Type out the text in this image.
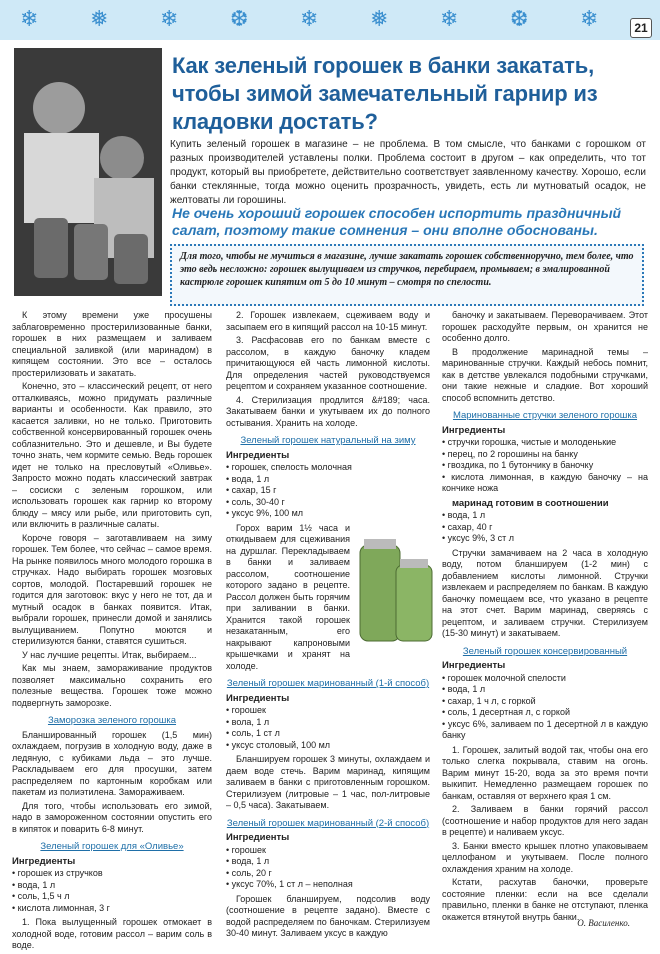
❄ ❅ ❄ ❆ ❄ ❅ ❄ ❆ ❄	21
Как зеленый горошек в банки закатать, чтобы зимой замечательный гарнир из кладовки достать?
Купить зеленый горошек в магазине – не проблема. В том смысле, что банками с горошком от разных производителей уставлены полки. Проблема состоит в другом – как определить, что тот продукт, который вы приобретете, действительно соответствует заявленному качеству. Хорошо, если банки стеклянные, тогда можно оценить прозрачность, увидеть, есть ли мутноватый осадок, не желтоваты ли горошины.
Не очень хороший горошек способен испортить праздничный салат, поэтому такие сомнения – они вполне обоснованы.
Для того, чтобы не мучиться в магазине, лучше закатать горошек собственноручно, тем более, что это ведь несложно: горошек вылущиваем из стручков, перебираем, промываем; в эмалированной кастрюле горошек кипятим от 5 до 10 минут – смотря по спелости.

К этому времени уже просушены заблаговременно простерилизованные банки, горошек в них размещаем и заливаем специальной заливкой (или маринадом) в кипящем состоянии. Это все – осталось простерилизовать и закатать.

Конечно, это – классический рецепт, от него отталкиваясь, можно придумать различные варианты и особенности. Как правило, это касается заливки, но не только. Приготовить собственной консервированный горошек очень соблазнительно. Это и дешевле, и Вы будете точно знать, чем кормите семью. Ведь горошек идет не только на пресловутый «Оливье». Запросто можно подать классический завтрак – сосиски с зеленым горошком, или использовать горошек как гарнир ко второму блюду – мясу или рыбе, или приготовить суп, или включить в различные салаты.

Короче говоря – заготавливаем на зиму горошек. Тем более, что сейчас – самое время. На рынке появилось много молодого горошка в стручках. Надо выбирать горошек мозговых сортов, молодой. Постаревший горошек не годится для заготовок: вкус у него не тот, да и мутный осадок в банках появится. Итак, выбрали горошек, принесли домой и занялись вылущиванием. Попутно моются и стерилизуются банки, ставятся сушиться.

У нас лучшие рецепты. Итак, выбираем...

Как мы знаем, замораживание продуктов позволяет максимально сохранить его полезные вещества. Горошек тоже можно подвергнуть заморозке.

Заморозка зеленого горошка

Бланшированный горошек (1,5 мин) охлаждаем, погрузив в холодную воду, даже в ледяную, с кубиками льда – это лучше. Раскладываем его для просушки, затем распределяем по картонным коробкам или пакетам из полиэтилена. Замораживаем.

Для того, чтобы использовать его зимой, надо в замороженном состоянии опустить его в кипяток и поварить 6-8 минут.

Зеленый горошек для «Оливье»
Ингредиенты
• горошек из стручков
• вода, 1 л
• соль, 1,5 ч л
• кислота лимонная, 3 г

1. Пока вылущенный горошек отмокает в холодной воде, готовим рассол – варим соль в воде.

2. Горошек извлекаем, сцеживаем воду и засыпаем его в кипящий рассол на 10-15 минут.

3. Расфасовав его по банкам вместе с рассолом, в каждую баночку кладем причитающуюся ей часть лимонной кислоты. Для определения частей руководствуемся рецептом и сохраняем указанное соотношение.

4. Стерилизация продлится &#189; часа. Закатываем банки и укутываем их до полного остывания. Хранить на холоде.

Зеленый горошек натуральный на зиму
Ингредиенты
• горошек, спелость молочная
• вода, 1 л
• сахар, 15 г
• соль, 30-40 г
• уксус 9%, 100 мл

Горох варим 1½ часа и откидываем для сцеживания на дуршлаг. Перекладываем в банки и заливаем рассолом, соотношение которого задано в рецепте. Рассол должен быть горячим при заливании в банки. Хранится такой горошек незакатанным, его накрывают капроновыми крышечками и хранят на холоде.

Зеленый горошек маринованный (1-й способ)
Ингредиенты
• горошек
• вола, 1 л
• соль, 1 ст л
• уксус столовый, 100 мл

Бланшируем горошек 3 минуты, охлаждаем и даем воде стечь. Варим маринад, кипящим заливаем в банки с приготовленным горошком. Стерилизуем (литровые – 1 час, пол-литровые – 0,5 часа). Закатываем.

Зеленый горошек маринованный (2-й способ)
Ингредиенты
• горошек
• вода, 1 л
• соль, 20 г
• уксус 70%, 1 ст л – неполная

Горошек бланшируем, подсолив воду (соотношение в рецепте задано). Вместе с водой распределяем по баночкам. Стерилизуем 30-40 минут. Заливаем уксус в каждую

баночку и закатываем. Переворачиваем. Этот горошек расходуйте первым, он хранится не особенно долго.

В продолжение маринадной темы – маринованные стручки. Каждый небось помнит, как в детстве увлекался подобными стручками, они такие нежные и сладкие. Вот хороший способ вспомнить детство.

Маринованные стручки зеленого горошка
Ингредиенты
• стручки горошка, чистые и молоденькие
• перец, по 2 горошины на банку
• гвоздика, по 1 бутончику в баночку
• кислота лимонная, в каждую баночку – на кончике ножа
маринад готовим в соотношении
• вода, 1 л
• сахар, 40 г
• уксус 9%, 3 ст л

Стручки замачиваем на 2 часа в холодную воду, потом бланшируем (1-2 мин) с добавлением кислоты лимонной. Стручки извлекаем и распределяем по банкам. В каждую баночку помещаем все, что указано в рецепте на этот счет. Варим маринад, сверяясь с рецептом, и заливаем стручки. Стерилизуем (15-30 минут) и закатываем.

Зеленый горошек консервированный
Ингредиенты
• горошек молочной спелости
• вода, 1 л
• сахар, 1 ч л, с горкой
• соль, 1 десертная л, с горкой
• уксус 6%, заливаем по 1 десертной л в каждую банку

1. Горошек, залитый водой так, чтобы она его только слегка покрывала, ставим на огонь. Варим минут 15-20, вода за это время почти выкипит. Немедленно размещаем горошек по банкам, оставляя от верхнего края 1 см.

2. Заливаем в банки горячий рассол (соотношение и набор продуктов для него задан в рецепте) и наливаем уксус.

3. Банки вместо крышек плотно упаковываем целлофаном и укутываем. После полного охлаждения храним на холоде.

Кстати, расхутав баночки, проверьте состояние пленки: если на все сделали правильно, пленки в банке не отступают, пленка окажется втянутой внутрь банки.

О. Василенко.
